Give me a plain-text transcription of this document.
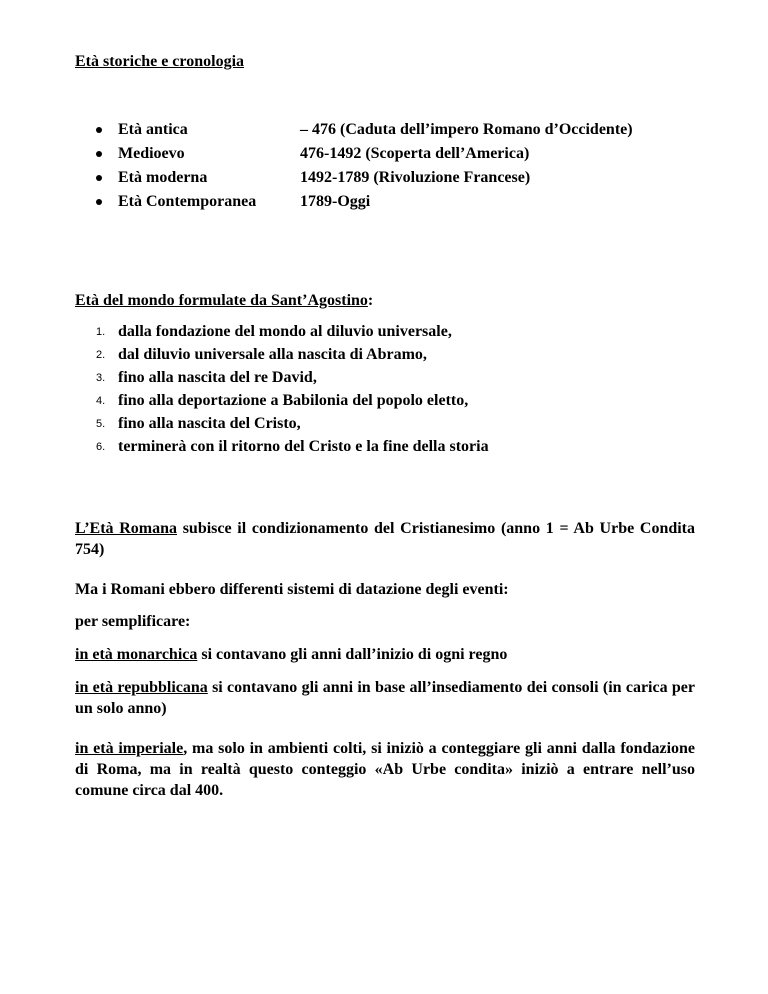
Età storiche e cronologia
Età antica	– 476 (Caduta dell’impero Romano d’Occidente)
Medioevo	476-1492 (Scoperta dell’America)
Età moderna	1492-1789 (Rivoluzione Francese)
Età Contemporanea	1789-Oggi
Età del mondo formulate da Sant’Agostino:
1. dalla fondazione del mondo al diluvio universale,
2. dal diluvio universale alla nascita di Abramo,
3. fino alla nascita del re David,
4. fino alla deportazione a Babilonia del popolo eletto,
5. fino alla nascita del Cristo,
6. terminerà con il ritorno del Cristo e la fine della storia
L’Età Romana subisce il condizionamento del Cristianesimo (anno 1 = Ab Urbe Condita 754)
Ma i Romani ebbero differenti sistemi di datazione degli eventi:
per semplificare:
in età monarchica si contavano gli anni dall’inizio di ogni regno
in età repubblicana si contavano gli anni in base all’insediamento dei consoli (in carica per un solo anno)
in età imperiale, ma solo in ambienti colti, si iniziò a conteggiare gli anni dalla fondazione di Roma, ma in realtà questo conteggio «Ab Urbe condita» iniziò a entrare nell’uso comune circa dal 400.
